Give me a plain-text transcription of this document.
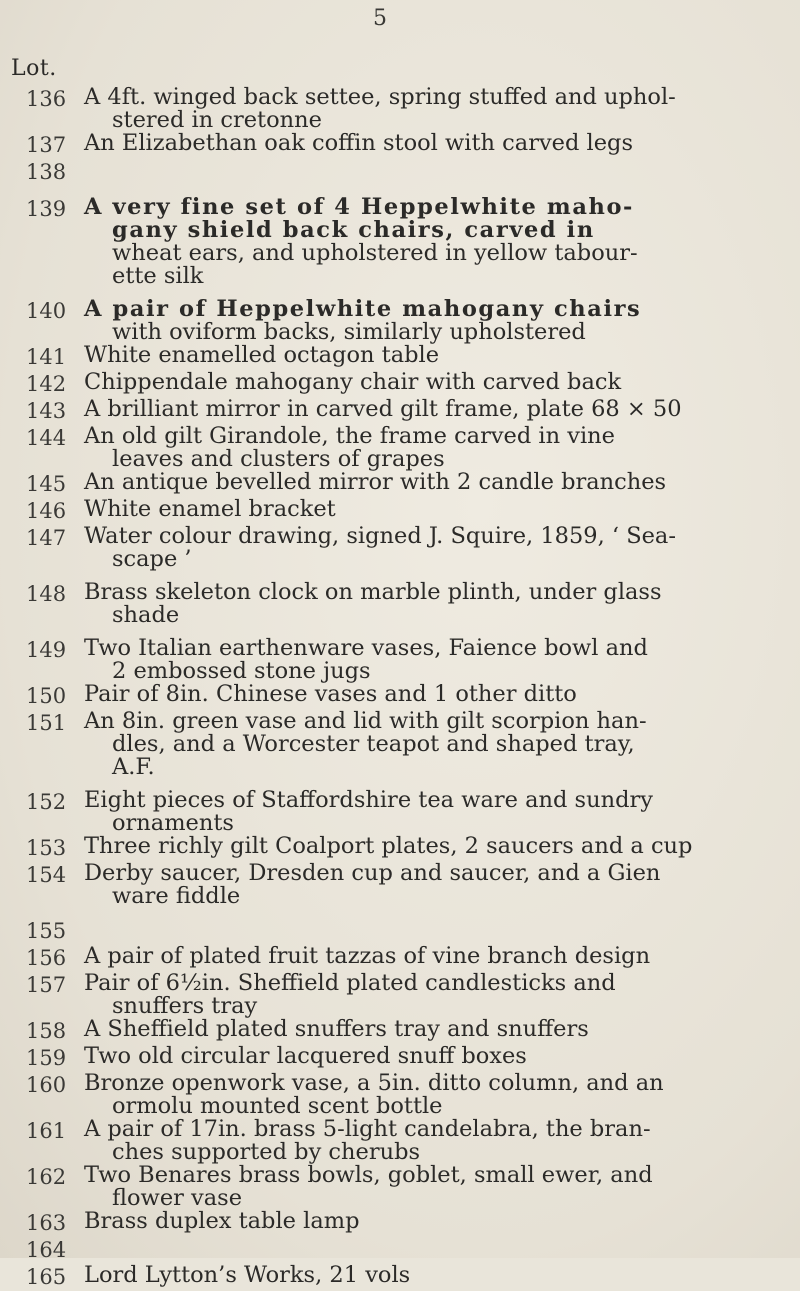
5
Lot.
136 A 4ft. winged back settee, spring stuffed and uphol-
stered in cretonne
137 An Elizabethan oak coffin stool with carved legs
138
139 A very fine set of 4 Heppelwhite maho-
gany shield back chairs, carved in
wheat ears, and upholstered in yellow tabour-
ette silk
140 A pair of Heppelwhite mahogany chairs
with oviform backs, similarly upholstered
141 White enamelled octagon table
142 Chippendale mahogany chair with carved back
143 A brilliant mirror in carved gilt frame, plate 68 × 50
144 An old gilt Girandole, the frame carved in vine
leaves and clusters of grapes
145 An antique bevelled mirror with 2 candle branches
146 White enamel bracket
147 Water colour drawing, signed J. Squire, 1859, ‘ Sea-
scape ’
148 Brass skeleton clock on marble plinth, under glass
shade
149 Two Italian earthenware vases, Faience bowl and
2 embossed stone jugs
150 Pair of 8in. Chinese vases and 1 other ditto
151 An 8in. green vase and lid with gilt scorpion han-
dles, and a Worcester teapot and shaped tray,
A.F.
152 Eight pieces of Staffordshire tea ware and sundry
ornaments
153 Three richly gilt Coalport plates, 2 saucers and a cup
154 Derby saucer, Dresden cup and saucer, and a Gien
ware fiddle
155
156 A pair of plated fruit tazzas of vine branch design
157 Pair of 6½in. Sheffield plated candlesticks and
snuffers tray
158 A Sheffield plated snuffers tray and snuffers
159 Two old circular lacquered snuff boxes
160 Bronze openwork vase, a 5in. ditto column, and an
ormolu mounted scent bottle
161 A pair of 17in. brass 5-light candelabra, the bran-
ches supported by cherubs
162 Two Benares brass bowls, goblet, small ewer, and
flower vase
163 Brass duplex table lamp
164
165 Lord Lytton’s Works, 21 vols
